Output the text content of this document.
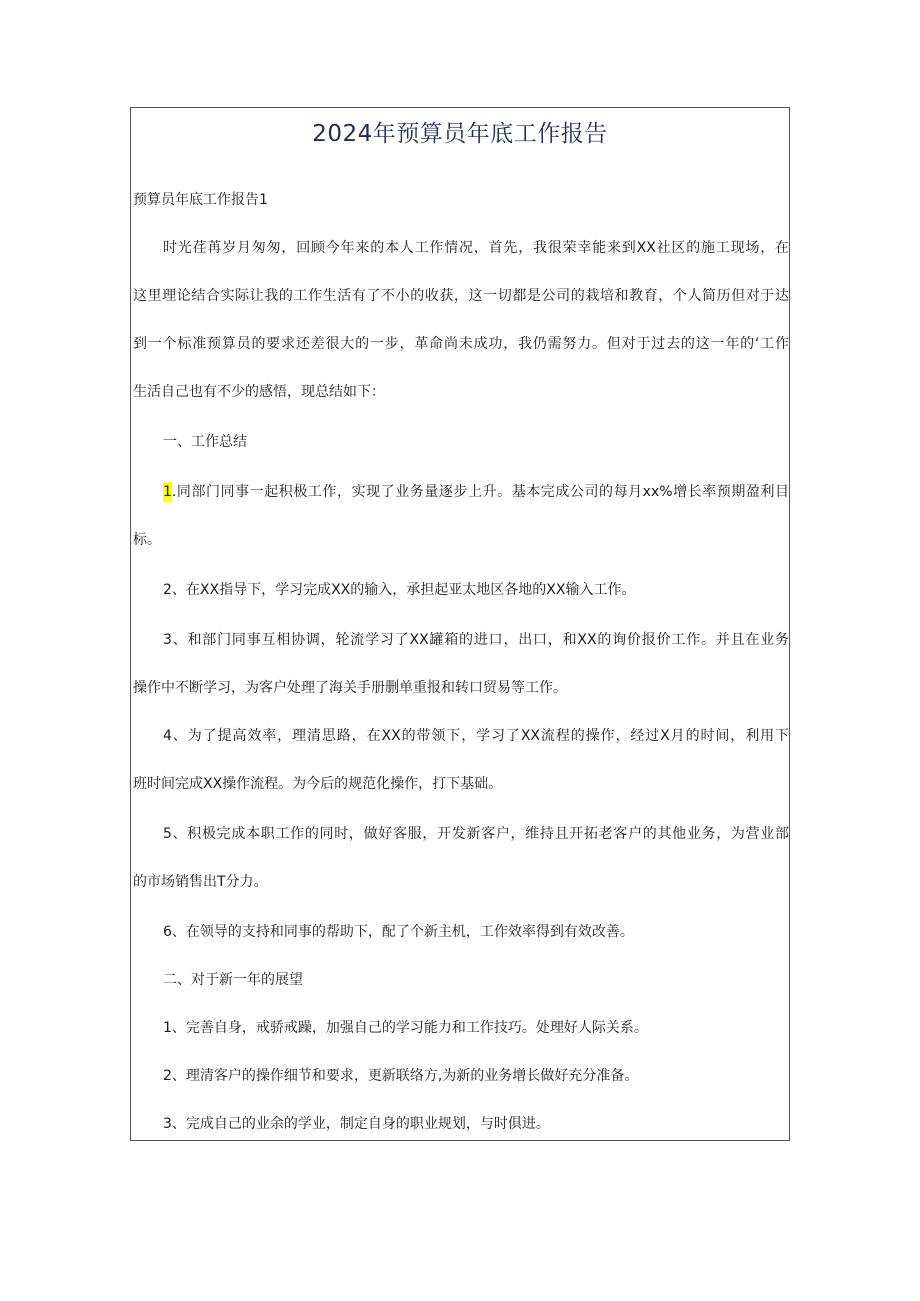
2024年预算员年底工作报告

预算员年底工作报告1

时光荏苒岁月匆匆，回顾今年来的本人工作情况，首先，我很荣幸能来到XX社区的施工现场，在

这里理论结合实际让我的工作生活有了不小的收获，这一切都是公司的栽培和教育，个人简历但对于达

到一个标准预算员的要求还差很大的一步，革命尚未成功，我仍需努力。但对于过去的这一年的‘工作

生活自己也有不少的感悟，现总结如下：

一、工作总结

1.同部门同事一起积极工作，实现了业务量逐步上升。基本完成公司的每月xx%增长率预期盈利目

标。

2、在XX指导下，学习完成XX的输入，承担起亚太地区各地的XX输入工作。

3、和部门同事互相协调，轮流学习了XX罐箱的进口，出口，和XX的询价报价工作。并且在业务

操作中不断学习，为客户处理了海关手册删单重报和转口贸易等工作。

4、为了提高效率，理清思路，在XX的带领下，学习了XX流程的操作，经过X月的时间，利用下

班时间完成XX操作流程。为今后的规范化操作，打下基础。

5、积极完成本职工作的同时，做好客服，开发新客户，维持且开拓老客户的其他业务，为营业部

的市场销售出T分力。

6、在领导的支持和同事的帮助下，配了个新主机，工作效率得到有效改善。

二、对于新一年的展望

1、完善自身，戒骄戒躁，加强自己的学习能力和工作技巧。处理好人际关系。

2、理清客户的操作细节和要求，更新联络方,为新的业务增长做好充分准备。

3、完成自己的业余的学业，制定自身的职业规划，与时俱进。
